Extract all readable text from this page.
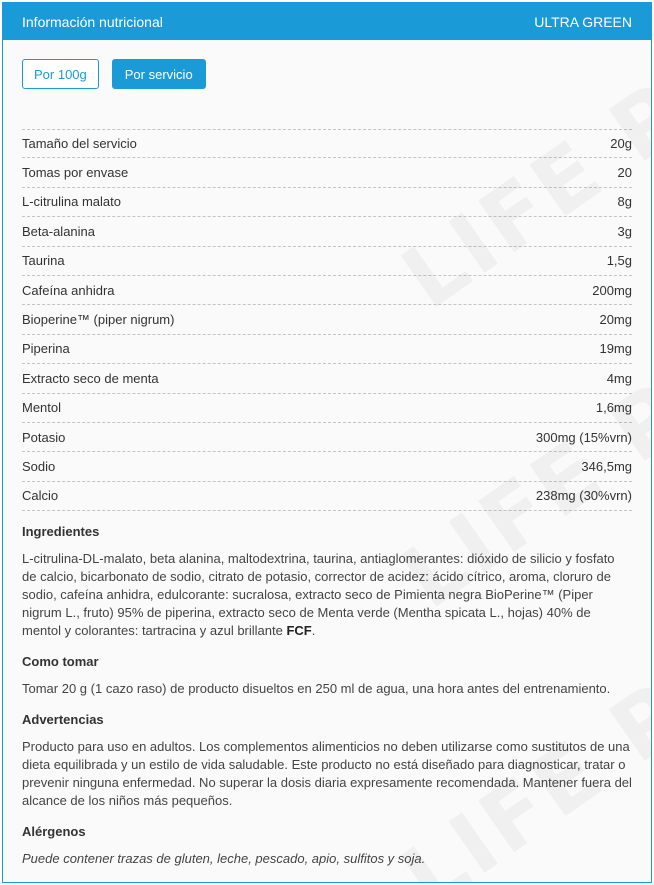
Información nutricional	ULTRA GREEN
Por 100g	Por servicio
Tamaño del servicio	20g
Tomas por envase	20
L-citrulina malato	8g
Beta-alanina	3g
Taurina	1,5g
Cafeína anhidra	200mg
Bioperine™ (piper nigrum)	20mg
Piperina	19mg
Extracto seco de menta	4mg
Mentol	1,6mg
Potasio	300mg (15%vrn)
Sodio	346,5mg
Calcio	238mg (30%vrn)
Ingredientes
L-citrulina-DL-malato, beta alanina, maltodextrina, taurina, antiaglomerantes: dióxido de silicio y fosfato de calcio, bicarbonato de sodio, citrato de potasio, corrector de acidez: ácido cítrico, aroma, cloruro de sodio, cafeína anhidra, edulcorante: sucralosa, extracto seco de Pimienta negra BioPerine™ (Piper nigrum L., fruto) 95% de piperina, extracto seco de Menta verde (Mentha spicata L., hojas) 40% de mentol y colorantes: tartracina y azul brillante FCF.
Como tomar
Tomar 20 g (1 cazo raso) de producto disueltos en 250 ml de agua, una hora antes del entrenamiento.
Advertencias
Producto para uso en adultos. Los complementos alimenticios no deben utilizarse como sustitutos de una dieta equilibrada y un estilo de vida saludable. Este producto no está diseñado para diagnosticar, tratar o prevenir ninguna enfermedad. No superar la dosis diaria expresamente recomendada. Mantener fuera del alcance de los niños más pequeños.
Alérgenos
Puede contener trazas de gluten, leche, pescado, apio, sulfitos y soja.
